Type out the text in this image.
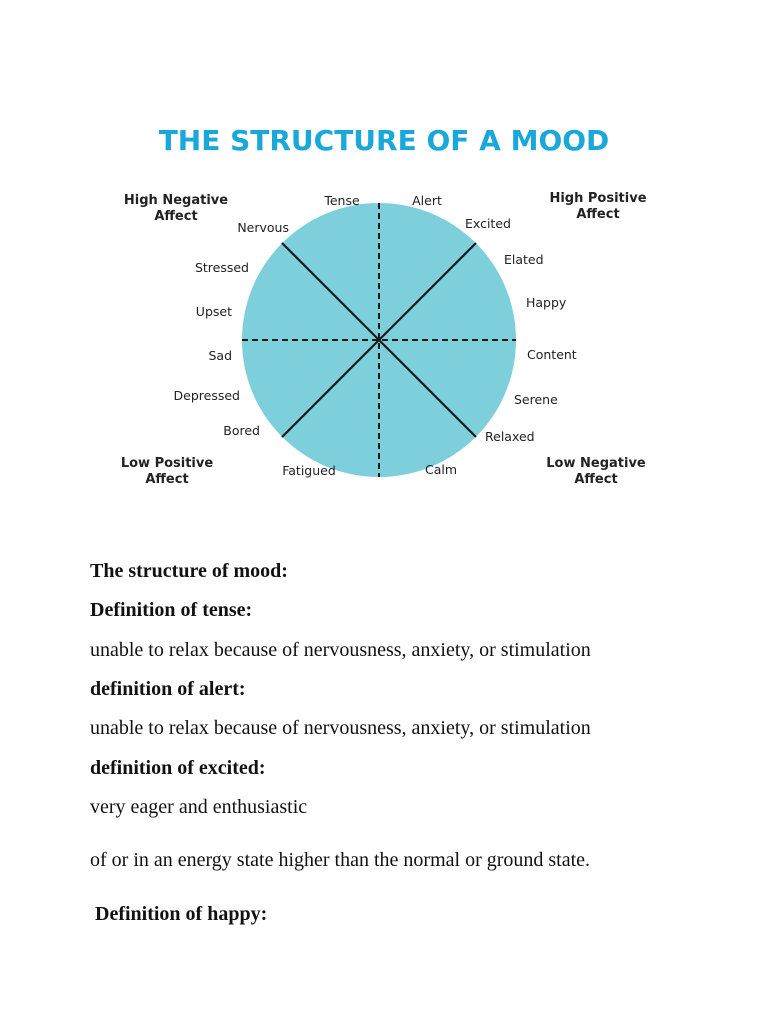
THE STRUCTURE OF A MOOD
High Negative Affect
High Positive Affect
Low Positive Affect
Low Negative Affect
Tense	Alert
Nervous	Excited
Stressed
Elated
Upset
Happy
Sad	Content
Depressed	Serene
Bored	Relaxed
Fatigued	Calm

The structure of mood:

Definition of tense:

unable to relax because of nervousness, anxiety, or stimulation

definition of alert:

unable to relax because of nervousness, anxiety, or stimulation

definition of excited:

very eager and enthusiastic

of or in an energy state higher than the normal or ground state.

Definition of happy:
